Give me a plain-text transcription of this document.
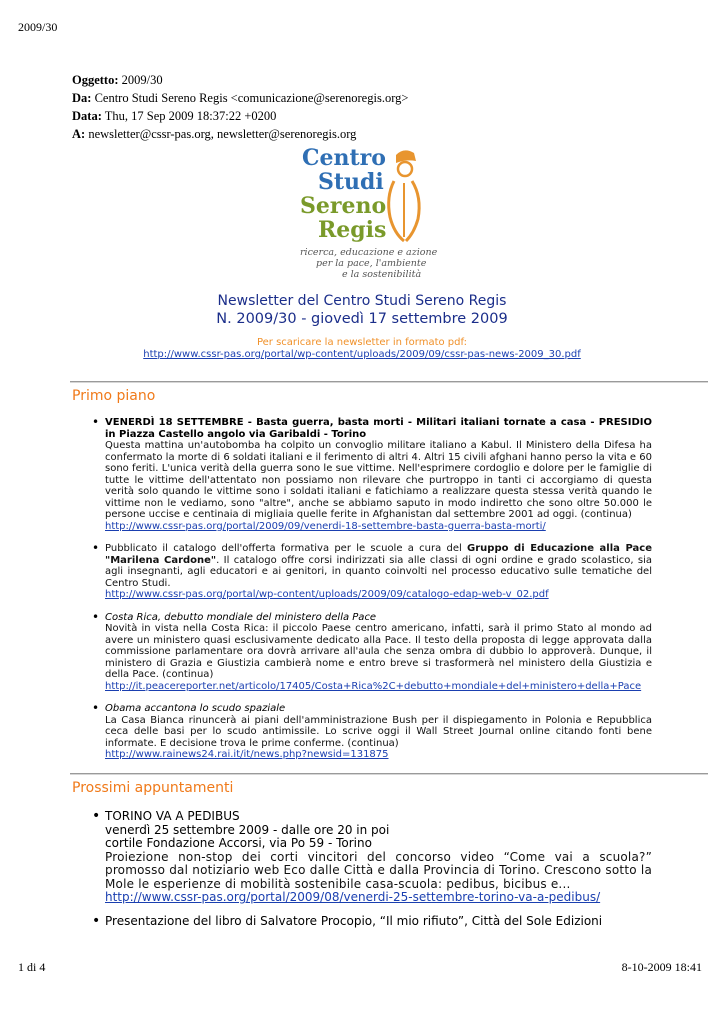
2009/30
Oggetto: 2009/30
Da: Centro Studi Sereno Regis <comunicazione@serenoregis.org>
Data: Thu, 17 Sep 2009 18:37:22 +0200
A: newsletter@cssr-pas.org, newsletter@serenoregis.org
Centro
Studi
Sereno
Regis
ricerca, educazione e azione
per la pace, l'ambiente
e la sostenibilità
Newsletter del Centro Studi Sereno Regis
N. 2009/30 - giovedì 17 settembre 2009
Per scaricare la newsletter in formato pdf:
http://www.cssr-pas.org/portal/wp-content/uploads/2009/09/cssr-pas-news-2009_30.pdf
Primo piano
• VENERDÌ 18 SETTEMBRE - Basta guerra, basta morti - Militari italiani tornate a casa - PRESIDIO in Piazza Castello angolo via Garibaldi - Torino
Questa mattina un'autobomba ha colpito un convoglio militare italiano a Kabul. Il Ministero della Difesa ha confermato la morte di 6 soldati italiani e il ferimento di altri 4. Altri 15 civili afghani hanno perso la vita e 60 sono feriti. L'unica verità della guerra sono le sue vittime. Nell'esprimere cordoglio e dolore per le famiglie di tutte le vittime dell'attentato non possiamo non rilevare che purtroppo in tanti ci accorgiamo di questa verità solo quando le vittime sono i soldati italiani e fatichiamo a realizzare questa stessa verità quando le vittime non le vediamo, sono "altre", anche se abbiamo saputo in modo indiretto che sono oltre 50.000 le persone uccise e centinaia di migliaia quelle ferite in Afghanistan dal settembre 2001 ad oggi. (continua)
http://www.cssr-pas.org/portal/2009/09/venerdi-18-settembre-basta-guerra-basta-morti/
• Pubblicato il catalogo dell'offerta formativa per le scuole a cura del Gruppo di Educazione alla Pace "Marilena Cardone". Il catalogo offre corsi indirizzati sia alle classi di ogni ordine e grado scolastico, sia agli insegnanti, agli educatori e ai genitori, in quanto coinvolti nel processo educativo sulle tematiche del Centro Studi.
http://www.cssr-pas.org/portal/wp-content/uploads/2009/09/catalogo-edap-web-v_02.pdf
• Costa Rica, debutto mondiale del ministero della Pace
Novità in vista nella Costa Rica: il piccolo Paese centro americano, infatti, sarà il primo Stato al mondo ad avere un ministero quasi esclusivamente dedicato alla Pace. Il testo della proposta di legge approvata dalla commissione parlamentare ora dovrà arrivare all'aula che senza ombra di dubbio lo approverà. Dunque, il ministero di Grazia e Giustizia cambierà nome e entro breve si trasformerà nel ministero della Giustizia e della Pace. (continua)
http://it.peacereporter.net/articolo/17405/Costa+Rica%2C+debutto+mondiale+del+ministero+della+Pace
• Obama accantona lo scudo spaziale
La Casa Bianca rinuncerà ai piani dell'amministrazione Bush per il dispiegamento in Polonia e Repubblica ceca delle basi per lo scudo antimissile. Lo scrive oggi il Wall Street Journal online citando fonti bene informate. E decisione trova le prime conferme. (continua)
http://www.rainews24.rai.it/it/news.php?newsid=131875
Prossimi appuntamenti
• TORINO VA A PEDIBUS
venerdì 25 settembre 2009 - dalle ore 20 in poi
cortile Fondazione Accorsi, via Po 59 - Torino
Proiezione non-stop dei corti vincitori del concorso video “Come vai a scuola?” promosso dal notiziario web Eco dalle Città e dalla Provincia di Torino. Crescono sotto la Mole le esperienze di mobilità sostenibile casa-scuola: pedibus, bicibus e...
http://www.cssr-pas.org/portal/2009/08/venerdi-25-settembre-torino-va-a-pedibus/
• Presentazione del libro di Salvatore Procopio, “Il mio rifiuto”, Città del Sole Edizioni
1 di 4	8-10-2009 18:41
